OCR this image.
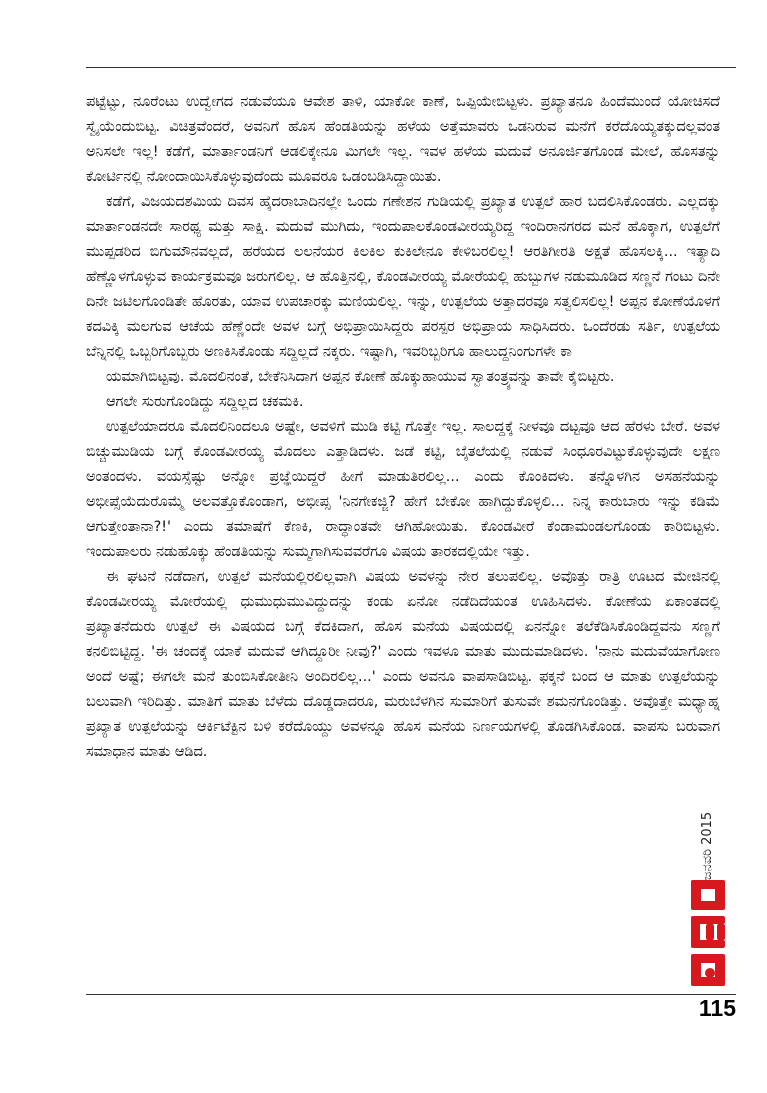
ಪಟ್ಟೆಟ್ಟು, ನೂರೆಂಟು ಉದ್ವೇಗದ ನಡುವೆಯೂ ಆವೇಶ ತಾಳಿ, ಯಾಕೋ ಕಾಣೆ, ಒಪ್ಪಿಯೇಬಿಟ್ಟಳು. ಪ್ರಖ್ಯಾತನೂ ಹಿಂದೆಮುಂದೆ ಯೋಚಿಸದೆ ಸ್ವೈಯೆಂದುಬಿಟ್ಟ. ವಿಚಿತ್ರವೆಂದರೆ, ಅವನಿಗೆ ಹೊಸ ಹೆಂಡತಿಯನ್ನು ಹಳೆಯ ಅತ್ತೆಮಾವರು ಒಡನಿರುವ ಮನೆಗೆ ಕರೆದೊಯ್ಯತಕ್ಕುದಲ್ಲವಂತ ಅನಿಸಲೇ ಇಲ್ಲ! ಕಡೆಗೆ, ಮಾರ್ತಾಂಡನಿಗೆ ಆಡಲಿಕ್ಕೇನೂ ಮಿಗಲೇ ಇಲ್ಲ. ಇವಳ ಹಳೆಯ ಮದುವೆ ಅನೂರ್ಜಿತಗೊಂಡ ಮೇಲೆ, ಹೊಸತನ್ನು ಕೋರ್ಟಿನಲ್ಲಿ ನೋಂದಾಯಿಸಿಕೊಳ್ಳುವುದೆಂದು ಮೂವರೂ ಒಡಂಬಡಿಸಿದ್ದಾಯಿತು.

ಕಡೆಗೆ, ವಿಜಯದಶಮಿಯ ದಿವಸ ಹೈದರಾಬಾದಿನಲ್ಲೇ ಒಂದು ಗಣೇಶನ ಗುಡಿಯಲ್ಲಿ ಪ್ರಖ್ಯಾತ ಉತ್ಪಲೆ ಹಾರ ಬದಲಿಸಿಕೊಂಡರು. ಎಲ್ಲದಕ್ಕು ಮಾರ್ತಾಂಡನದೇ ಸಾರಥ್ಯ ಮತ್ತು ಸಾಕ್ಷಿ. ಮದುವೆ ಮುಗಿದು, ಇಂದುಪಾಲಕೊಂಡವೀರಯ್ಯರಿದ್ದ ಇಂದಿರಾನಗರದ ಮನೆ ಹೊಕ್ಕಾಗ, ಉತ್ಪಲೆಗೆ ಮುಪ್ಪಡರಿದ ಬಿಗುಮೌನವಲ್ಲದೆ, ಹರೆಯದ ಲಲನೆಯರ ಕಿಲಕಿಲ ಕುಕಿಲೇನೂ ಕೇಳಿಬರಲಿಲ್ಲ! ಆರತಿಗೀರತಿ ಅಕ್ಷತೆ ಹೊಸಲಕ್ಕಿ... ಇತ್ಯಾದಿ ಹೆಣ್ಣೊಳಗೊಳ್ಳುವ ಕಾರ್ಯಕ್ರಮವೂ ಜರುಗಲಿಲ್ಲ. ಆ ಹೊತ್ತಿನಲ್ಲಿ, ಕೊಂಡವೀರಯ್ಯ ಮೋರೆಯಲ್ಲಿ ಹುಬ್ಬುಗಳ ನಡುಮೂಡಿದ ಸಣ್ಣನೆ ಗಂಟು ದಿನೇ ದಿನೇ ಜಟಿಲಗೊಂಡಿತೇ ಹೊರತು, ಯಾವ ಉಪಚಾರಕ್ಕು ಮಣಿಯಲಿಲ್ಲ. ಇನ್ನು, ಉತ್ಪಲೆಯ ಅತ್ತಾದರವೂ ಸತ್ವಲಿಸಲಿಲ್ಲ! ಅಪ್ಪನ ಕೋಣೆಯೊಳಗೆ ಕದವಿಕ್ಕಿ ಮಲಗುವ ಆಚೆಯ ಹೆಣ್ಣೆಂದೇ ಅವಳ ಬಗ್ಗೆ ಅಭಿಪ್ರಾಯಿಸಿದ್ದರು ಪರಸ್ಪರ ಅಭಿಪ್ರಾಯ ಸಾಧಿಸಿದರು. ಒಂದೆರಡು ಸರ್ತಿ, ಉತ್ಪಲೆಯ ಬೆನ್ನಿನಲ್ಲಿ ಒಬ್ಬರಿಗೊಬ್ಬರು ಅಣಕಿಸಿಕೊಂಡು ಸದ್ದಿಲ್ಲದೆ ನಕ್ಕರು. ಇಷ್ಟಾಗಿ, ಇವರಿಬ್ಬರಿಗೂ ಹಾಲುದ್ದನಿಂಗುಗಳೇ ಕಾ

ಯಮಾಗಿಬಿಟ್ಟವು. ಮೊದಲಿನಂತೆ, ಬೇಕೆನಿಸಿದಾಗ ಅಪ್ಪನ ಕೋಣೆ ಹೊಕ್ಕುಹಾಯುವ ಸ್ವಾತಂತ್ರ್ಯವನ್ನು ತಾವೇ ಕೈಬಿಟ್ಟರು.

ಆಗಲೇ ಸುರುಗೊಂಡಿದ್ದು ಸದ್ದಿಲ್ಲದ ಚಕಮಕಿ.

ಉತ್ಪಲೆಯಾದರೂ ಮೊದಲಿನಿಂದಲೂ ಅಷ್ಟೇ, ಅವಳಿಗೆ ಮುಡಿ ಕಟ್ಟಿ ಗೊತ್ತೇ ಇಲ್ಲ. ಸಾಲದ್ದಕ್ಕೆ ನೀಳವೂ ದಟ್ಟವೂ ಆದ ಹೆರಳು ಬೇರೆ. ಅವಳ ಬಿಚ್ಚುಮುಡಿಯ ಬಗ್ಗೆ ಕೊಂಡವೀರಯ್ಯ ಮೊದಲು ಎತ್ತಾಡಿದಳು. ಜಡೆ ಕಟ್ಟಿ, ಬೈತಲೆಯಲ್ಲಿ ನಡುವೆ ಸಿಂಧೂರವಿಟ್ಟುಕೊಳ್ಳುವುದೇ ಲಕ್ಷಣ ಅಂತಂದಳು. ವಯಸ್ಸೆಷ್ಟು ಅನ್ನೋ ಪ್ರಜ್ಞೆಯಿದ್ದರೆ ಹೀಗೆ ಮಾಡುತಿರಲಿಲ್ಲ... ಎಂದು ಕೊಂಕಿದಳು. ತನ್ನೊಳಗಿನ ಅಸಹನೆಯನ್ನು ಅಭೀಪ್ಸೆಯೆದುರೊಮ್ಮೆ ಅಲವತ್ತೊಕೊಂಡಾಗ, ಅಭೀಪ್ಸ 'ನಿನಗೇಕಜ್ಜಿ? ಹೇಗೆ ಬೇಕೋ ಹಾಗಿದ್ದುಕೊಳ್ಳಲಿ... ನಿನ್ನ ಕಾರುಬಾರು ಇನ್ನು ಕಡಿಮೆ ಆಗುತ್ತೇಂತಾನಾ?!' ಎಂದು ತಮಾಷೆಗೆ ಕೆಣಕಿ, ರಾದ್ಧಾಂತವೇ ಆಗಿಹೋಯಿತು. ಕೊಂಡವೀರೆ ಕೆಂಡಾಮಂಡಲಗೊಂಡು ಕಾರಿಬಿಟ್ಟಳು. ಇಂದುಪಾಲರು ನಡುಹೊಕ್ಕು ಹೆಂಡತಿಯನ್ನು ಸುಮ್ಮಗಾಗಿಸುವವರೆಗೂ ವಿಷಯ ತಾರಕದಲ್ಲಿಯೇ ಇತ್ತು.

ಈ ಘಟನೆ ನಡೆದಾಗ, ಉತ್ಪಲೆ ಮನೆಯಲ್ಲಿರಲಿಲ್ಲವಾಗಿ ವಿಷಯ ಅವಳನ್ನು ನೇರ ತಲುಪಲಿಲ್ಲ. ಅವೊತ್ತು ರಾತ್ರಿ ಊಟದ ಮೇಜಿನಲ್ಲಿ ಕೊಂಡವೀರಯ್ಯ ಮೋರೆಯಲ್ಲಿ ಧುಮುಧುಮುವಿದ್ದುದನ್ನು ಕಂಡು ಏನೋ ನಡೆದಿದೆಯಂತ ಊಹಿಸಿದಳು. ಕೋಣೆಯ ಏಕಾಂತದಲ್ಲಿ ಪ್ರಖ್ಯಾತನೆದುರು ಉತ್ಪಲೆ ಈ ವಿಷಯದ ಬಗ್ಗೆ ಕೆದಕಿದಾಗ, ಹೊಸ ಮನೆಯ ವಿಷಯದಲ್ಲಿ ಏನನ್ನೋ ತಲೆಕೆಡಿಸಿಕೊಂಡಿದ್ದವನು ಸಣ್ಣಗೆ ಕನಲಿಬಿಟ್ಟಿದ್ದ. 'ಈ ಚಂದಕ್ಕೆ ಯಾಕೆ ಮದುವೆ ಆಗಿದ್ದೂರೀ ನೀವು?' ಎಂದು ಇವಳೂ ಮಾತು ಮುದುಮಾಡಿದಳು. 'ನಾನು ಮದುವೆಯಾಗೋಣ ಅಂದೆ ಅಷ್ಟೆ; ಈಗಲೇ ಮನೆ ತುಂಬಿಸಿಕೋತೀನಿ ಅಂದಿರಲಿಲ್ಲ...' ಎಂದು ಅವನೂ ವಾಪಸಾಡಿಬಿಟ್ಟ. ಫಕ್ಕನೆ ಬಂದ ಆ ಮಾತು ಉತ್ಪಲೆಯನ್ನು ಬಲುವಾಗಿ ಇರಿದಿತ್ತು. ಮಾತಿಗೆ ಮಾತು ಬೆಳೆದು ದೊಡ್ಡದಾದರೂ, ಮರುಬೆಳಗಿನ ಸುಮಾರಿಗೆ ತುಸುವೇ ಶಮನಗೊಂಡಿತ್ತು. ಅವೊತ್ತೇ ಮಧ್ಯಾಹ್ನ ಪ್ರಖ್ಯಾತ ಉತ್ಪಲೆಯನ್ನು ಆರ್ಕಿಟೆಕ್ಟಿನ ಬಳಿ ಕರೆದೊಯ್ದು ಅವಳನ್ನೂ ಹೊಸ ಮನೆಯ ನಿರ್ಣಯಗಳಲ್ಲಿ ತೊಡಗಿಸಿಕೊಂಡ. ವಾಪಸು ಬರುವಾಗ ಸಮಾಧಾನ ಮಾತು ಆಡಿದ.

ಜನವರಿ 2015
115
